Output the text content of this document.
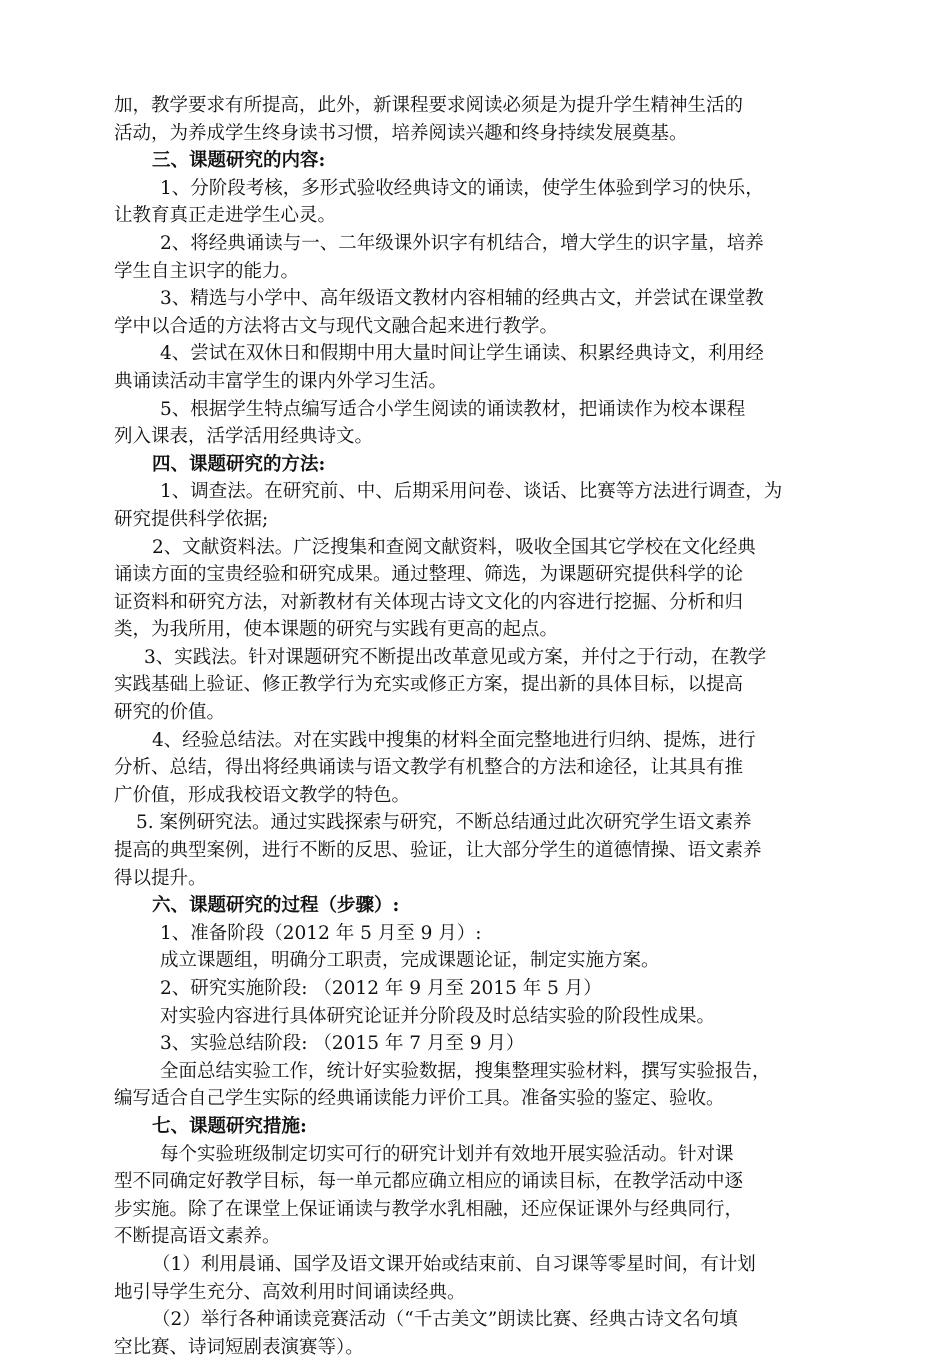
加，教学要求有所提高，此外，新课程要求阅读必须是为提升学生精神生活的

活动，为养成学生终身读书习惯，培养阅读兴趣和终身持续发展奠基。

三、课题研究的内容:

1、分阶段考核，多形式验收经典诗文的诵读，使学生体验到学习的快乐，

让教育真正走进学生心灵。

2、将经典诵读与一、二年级课外识字有机结合，增大学生的识字量，培养

学生自主识字的能力。

3、精选与小学中、高年级语文教材内容相辅的经典古文，并尝试在课堂教

学中以合适的方法将古文与现代文融合起来进行教学。

4、尝试在双休日和假期中用大量时间让学生诵读、积累经典诗文，利用经

典诵读活动丰富学生的课内外学习生活。

5、根据学生特点编写适合小学生阅读的诵读教材，把诵读作为校本课程

列入课表，活学活用经典诗文。

四、课题研究的方法:

1、调查法。在研究前、中、后期采用问卷、谈话、比赛等方法进行调查，为

研究提供科学依据;

2、文献资料法。广泛搜集和查阅文献资料，吸收全国其它学校在文化经典

诵读方面的宝贵经验和研究成果。通过整理、筛选，为课题研究提供科学的论

证资料和研究方法，对新教材有关体现古诗文文化的内容进行挖掘、分析和归

类，为我所用，使本课题的研究与实践有更高的起点。

3、实践法。针对课题研究不断提出改革意见或方案，并付之于行动，在教学

实践基础上验证、修正教学行为充实或修正方案，提出新的具体目标，以提高

研究的价值。

4、经验总结法。对在实践中搜集的材料全面完整地进行归纳、提炼，进行

分析、总结，得出将经典诵读与语文教学有机整合的方法和途径，让其具有推

广价值，形成我校语文教学的特色。

5. 案例研究法。通过实践探索与研究，不断总结通过此次研究学生语文素养

提高的典型案例，进行不断的反思、验证，让大部分学生的道德情操、语文素养

得以提升。

六、课题研究的过程（步骤）:

1、准备阶段（2012 年 5 月至 9 月）:

成立课题组，明确分工职责，完成课题论证，制定实施方案。

2、研究实施阶段: （2012 年 9 月至 2015 年 5 月）

对实验内容进行具体研究论证并分阶段及时总结实验的阶段性成果。

3、实验总结阶段: （2015 年 7 月至 9 月）

全面总结实验工作，统计好实验数据，搜集整理实验材料，撰写实验报告，

编写适合自己学生实际的经典诵读能力评价工具。准备实验的鉴定、验收。

七、课题研究措施:

每个实验班级制定切实可行的研究计划并有效地开展实验活动。针对课

型不同确定好教学目标，每一单元都应确立相应的诵读目标，在教学活动中逐

步实施。除了在课堂上保证诵读与教学水乳相融，还应保证课外与经典同行，

不断提高语文素养。

（1）利用晨诵、国学及语文课开始或结束前、自习课等零星时间，有计划

地引导学生充分、高效利用时间诵读经典。

（2）举行各种诵读竞赛活动（“千古美文”朗读比赛、经典古诗文名句填

空比赛、诗词短剧表演赛等）。
